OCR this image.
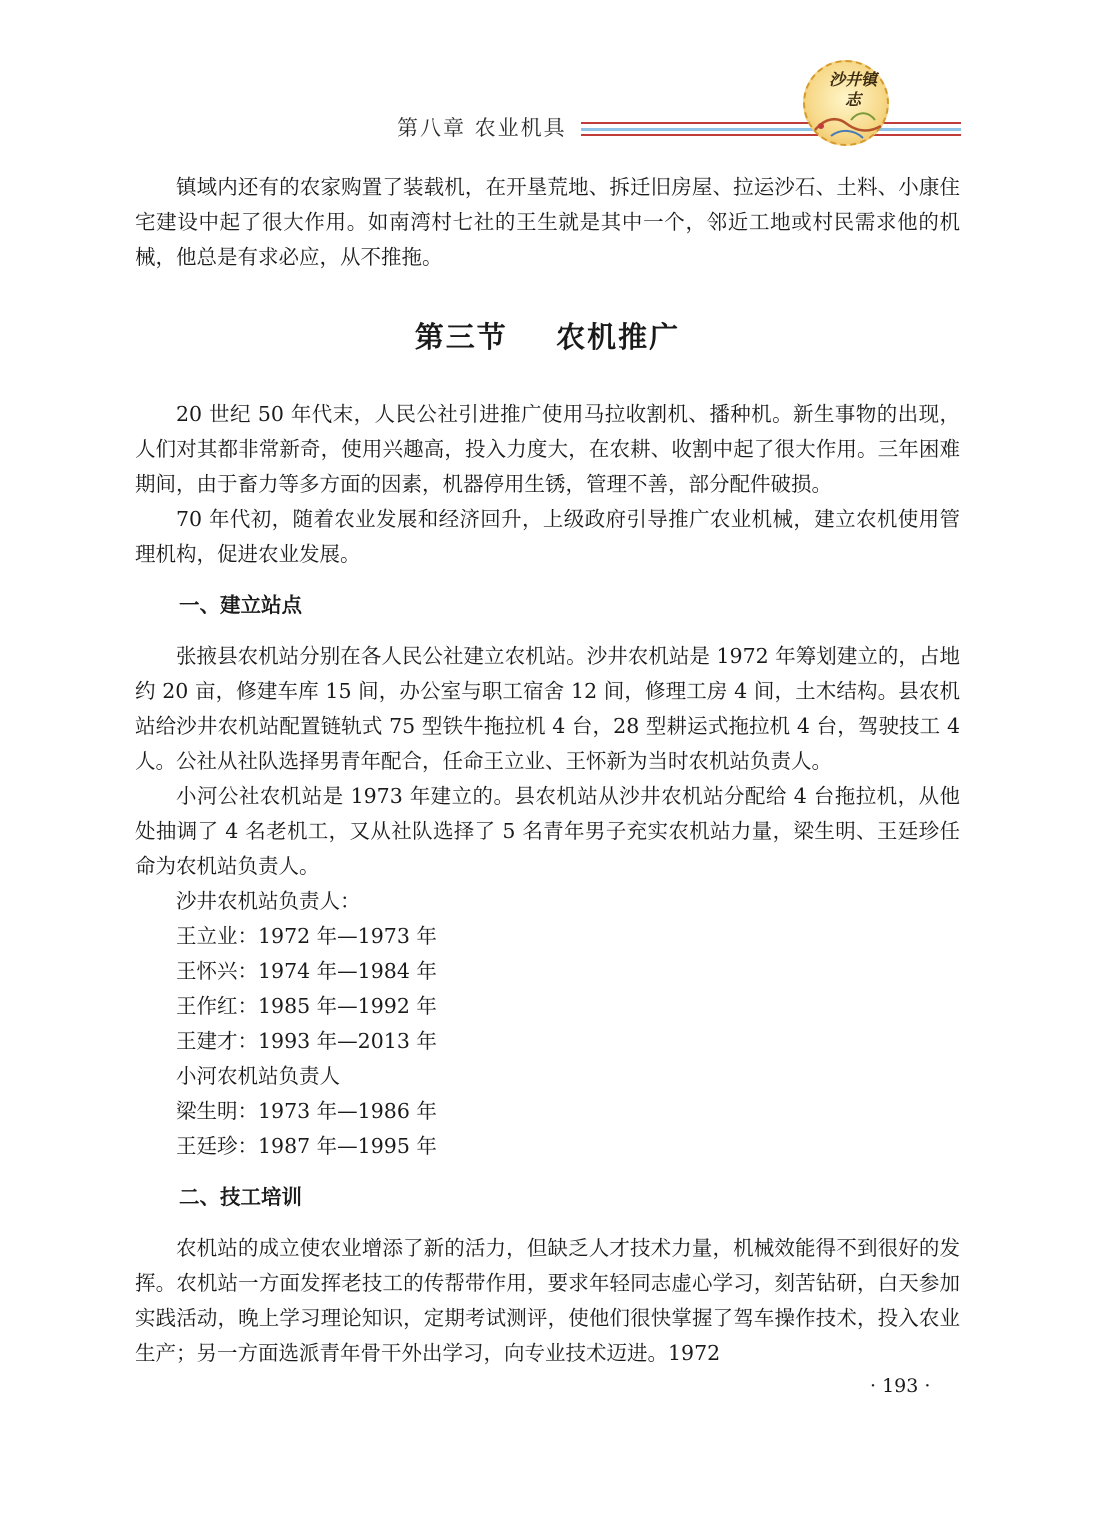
第八章 农业机具
沙井镇志

镇域内还有的农家购置了装载机，在开垦荒地、拆迁旧房屋、拉运沙石、土料、小康住宅建设中起了很大作用。如南湾村七社的王生就是其中一个，邻近工地或村民需求他的机械，他总是有求必应，从不推拖。

第三节    农机推广

20 世纪 50 年代末，人民公社引进推广使用马拉收割机、播种机。新生事物的出现，人们对其都非常新奇，使用兴趣高，投入力度大，在农耕、收割中起了很大作用。三年困难期间，由于畜力等多方面的因素，机器停用生锈，管理不善，部分配件破损。

70 年代初，随着农业发展和经济回升，上级政府引导推广农业机械，建立农机使用管理机构，促进农业发展。

一、建立站点

张掖县农机站分别在各人民公社建立农机站。沙井农机站是 1972 年筹划建立的，占地约 20 亩，修建车库 15 间，办公室与职工宿舍 12 间，修理工房 4 间，土木结构。县农机站给沙井农机站配置链轨式 75 型铁牛拖拉机 4 台，28 型耕运式拖拉机 4 台，驾驶技工 4 人。公社从社队选择男青年配合，任命王立业、王怀新为当时农机站负责人。

小河公社农机站是 1973 年建立的。县农机站从沙井农机站分配给 4 台拖拉机，从他处抽调了 4 名老机工，又从社队选择了 5 名青年男子充实农机站力量，梁生明、王廷珍任命为农机站负责人。

沙井农机站负责人：

王立业：1972 年—1973 年

王怀兴：1974 年—1984 年

王作红：1985 年—1992 年

王建才：1993 年—2013 年

小河农机站负责人

梁生明：1973 年—1986 年

王廷珍：1987 年—1995 年

二、技工培训

农机站的成立使农业增添了新的活力，但缺乏人才技术力量，机械效能得不到很好的发挥。农机站一方面发挥老技工的传帮带作用，要求年轻同志虚心学习，刻苦钻研，白天参加实践活动，晚上学习理论知识，定期考试测评，使他们很快掌握了驾车操作技术，投入农业生产；另一方面选派青年骨干外出学习，向专业技术迈进。1972

· 193 ·
